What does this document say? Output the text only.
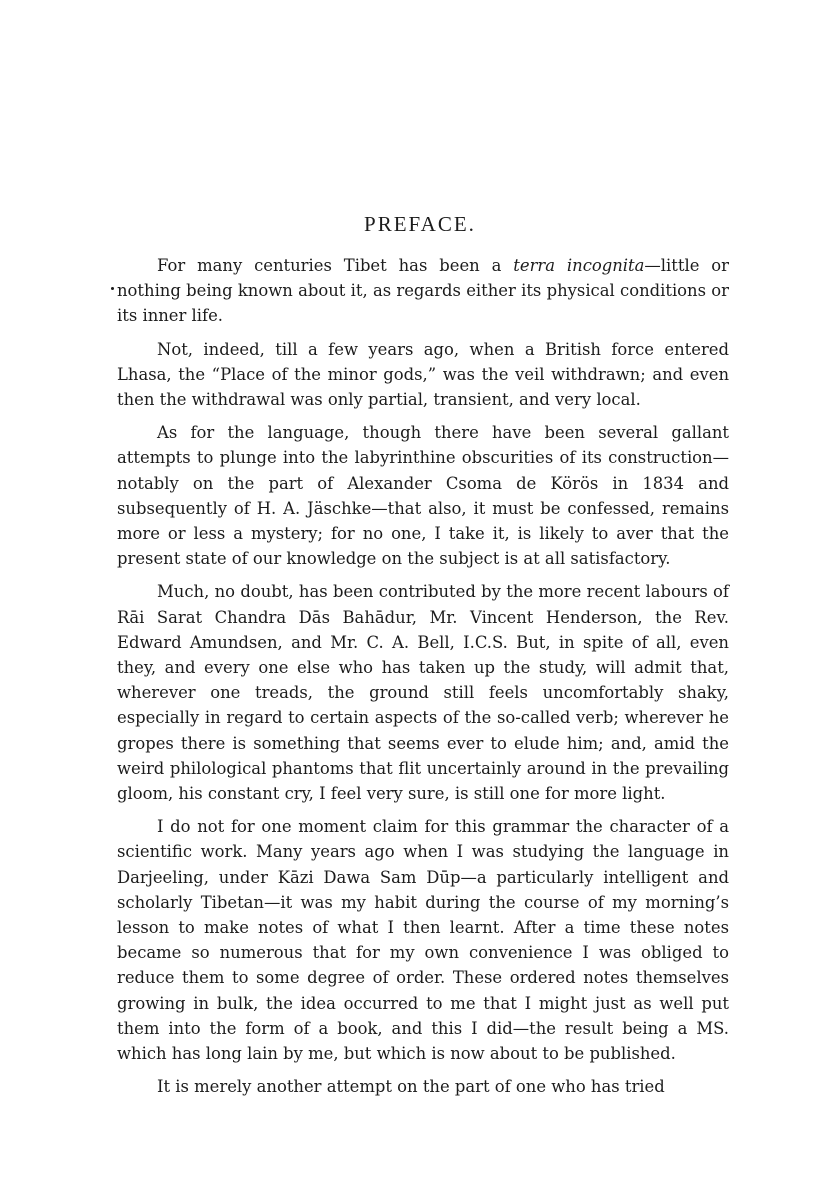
PREFACE.

For many centuries Tibet has been a terra incognita—little or nothing being known about it, as regards either its physical conditions or its inner life.

Not, indeed, till a few years ago, when a British force entered Lhasa, the “Place of the minor gods,” was the veil withdrawn; and even then the withdrawal was only partial, transient, and very local.

As for the language, though there have been several gallant attempts to plunge into the labyrinthine obscurities of its construction—notably on the part of Alexander Csoma de Körös in 1834 and subsequently of H. A. Jäschke—that also, it must be confessed, remains more or less a mystery; for no one, I take it, is likely to aver that the present state of our knowledge on the subject is at all satisfactory.

Much, no doubt, has been contributed by the more recent labours of Rāi Sarat Chandra Dās Bahādur, Mr. Vincent Henderson, the Rev. Edward Amundsen, and Mr. C. A. Bell, I.C.S. But, in spite of all, even they, and every one else who has taken up the study, will admit that, wherever one treads, the ground still feels uncomfortably shaky, especially in regard to certain aspects of the so-called verb; wherever he gropes there is something that seems ever to elude him; and, amid the weird philological phantoms that flit uncertainly around in the prevailing gloom, his constant cry, I feel very sure, is still one for more light.

I do not for one moment claim for this grammar the character of a scientific work. Many years ago when I was studying the language in Darjeeling, under Kāzi Dawa Sam Dūp—a particularly intelligent and scholarly Tibetan—it was my habit during the course of my morning’s lesson to make notes of what I then learnt. After a time these notes became so numerous that for my own convenience I was obliged to reduce them to some degree of order. These ordered notes themselves growing in bulk, the idea occurred to me that I might just as well put them into the form of a book, and this I did—the result being a MS. which has long lain by me, but which is now about to be published.

It is merely another attempt on the part of one who has tried
